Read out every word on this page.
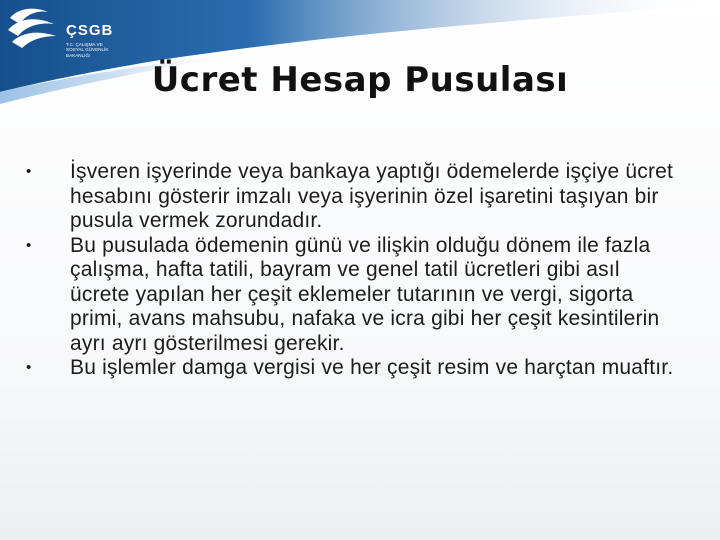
ÇSGB
T.C. ÇALIŞMA VE
SOSYAL GÜVENLİK
BAKANLIĞI
Ücret Hesap Pusulası
• İşveren işyerinde veya bankaya yaptığı ödemelerde işçiye ücret hesabını gösterir imzalı veya işyerinin özel işaretini taşıyan bir pusula vermek zorundadır.
• Bu pusulada ödemenin günü ve ilişkin olduğu dönem ile fazla çalışma, hafta tatili, bayram ve genel tatil ücretleri gibi asıl ücrete yapılan her çeşit eklemeler tutarının ve vergi, sigorta primi, avans mahsubu, nafaka ve icra gibi her çeşit kesintilerin ayrı ayrı gösterilmesi gerekir.
• Bu işlemler damga vergisi ve her çeşit resim ve harçtan muaftır.
